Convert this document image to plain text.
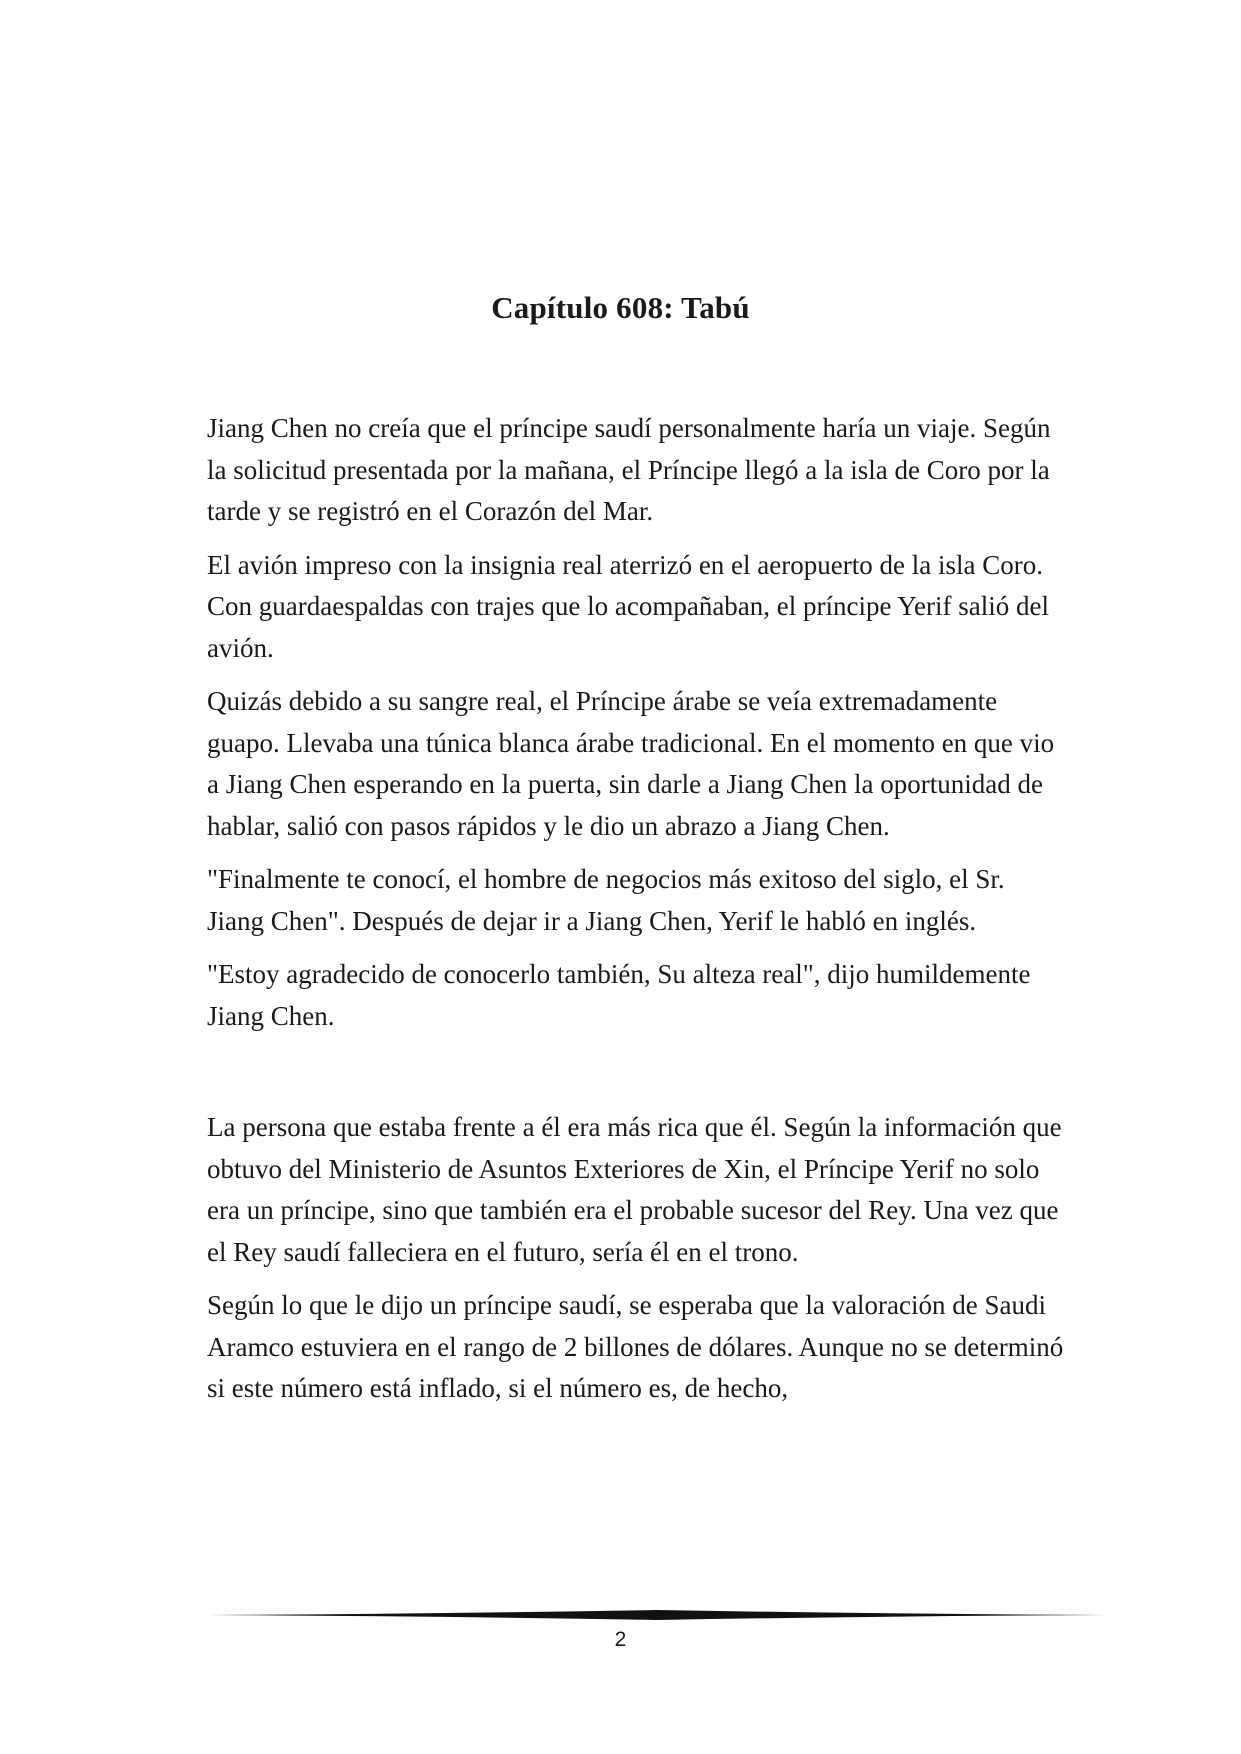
Capítulo 608: Tabú

Jiang Chen no creía que el príncipe saudí personalmente haría un viaje. Según la solicitud presentada por la mañana, el Príncipe llegó a la isla de Coro por la tarde y se registró en el Corazón del Mar.

El avión impreso con la insignia real aterrizó en el aeropuerto de la isla Coro. Con guardaespaldas con trajes que lo acompañaban, el príncipe Yerif salió del avión.

Quizás debido a su sangre real, el Príncipe árabe se veía extremadamente guapo. Llevaba una túnica blanca árabe tradicional. En el momento en que vio a Jiang Chen esperando en la puerta, sin darle a Jiang Chen la oportunidad de hablar, salió con pasos rápidos y le dio un abrazo a Jiang Chen.

"Finalmente te conocí, el hombre de negocios más exitoso del siglo, el Sr. Jiang Chen". Después de dejar ir a Jiang Chen, Yerif le habló en inglés.

"Estoy agradecido de conocerlo también, Su alteza real", dijo humildemente Jiang Chen.

La persona que estaba frente a él era más rica que él. Según la información que obtuvo del Ministerio de Asuntos Exteriores de Xin, el Príncipe Yerif no solo era un príncipe, sino que también era el probable sucesor del Rey. Una vez que el Rey saudí falleciera en el futuro, sería él en el trono.

Según lo que le dijo un príncipe saudí, se esperaba que la valoración de Saudi Aramco estuviera en el rango de 2 billones de dólares. Aunque no se determinó si este número está inflado, si el número es, de hecho,

2
